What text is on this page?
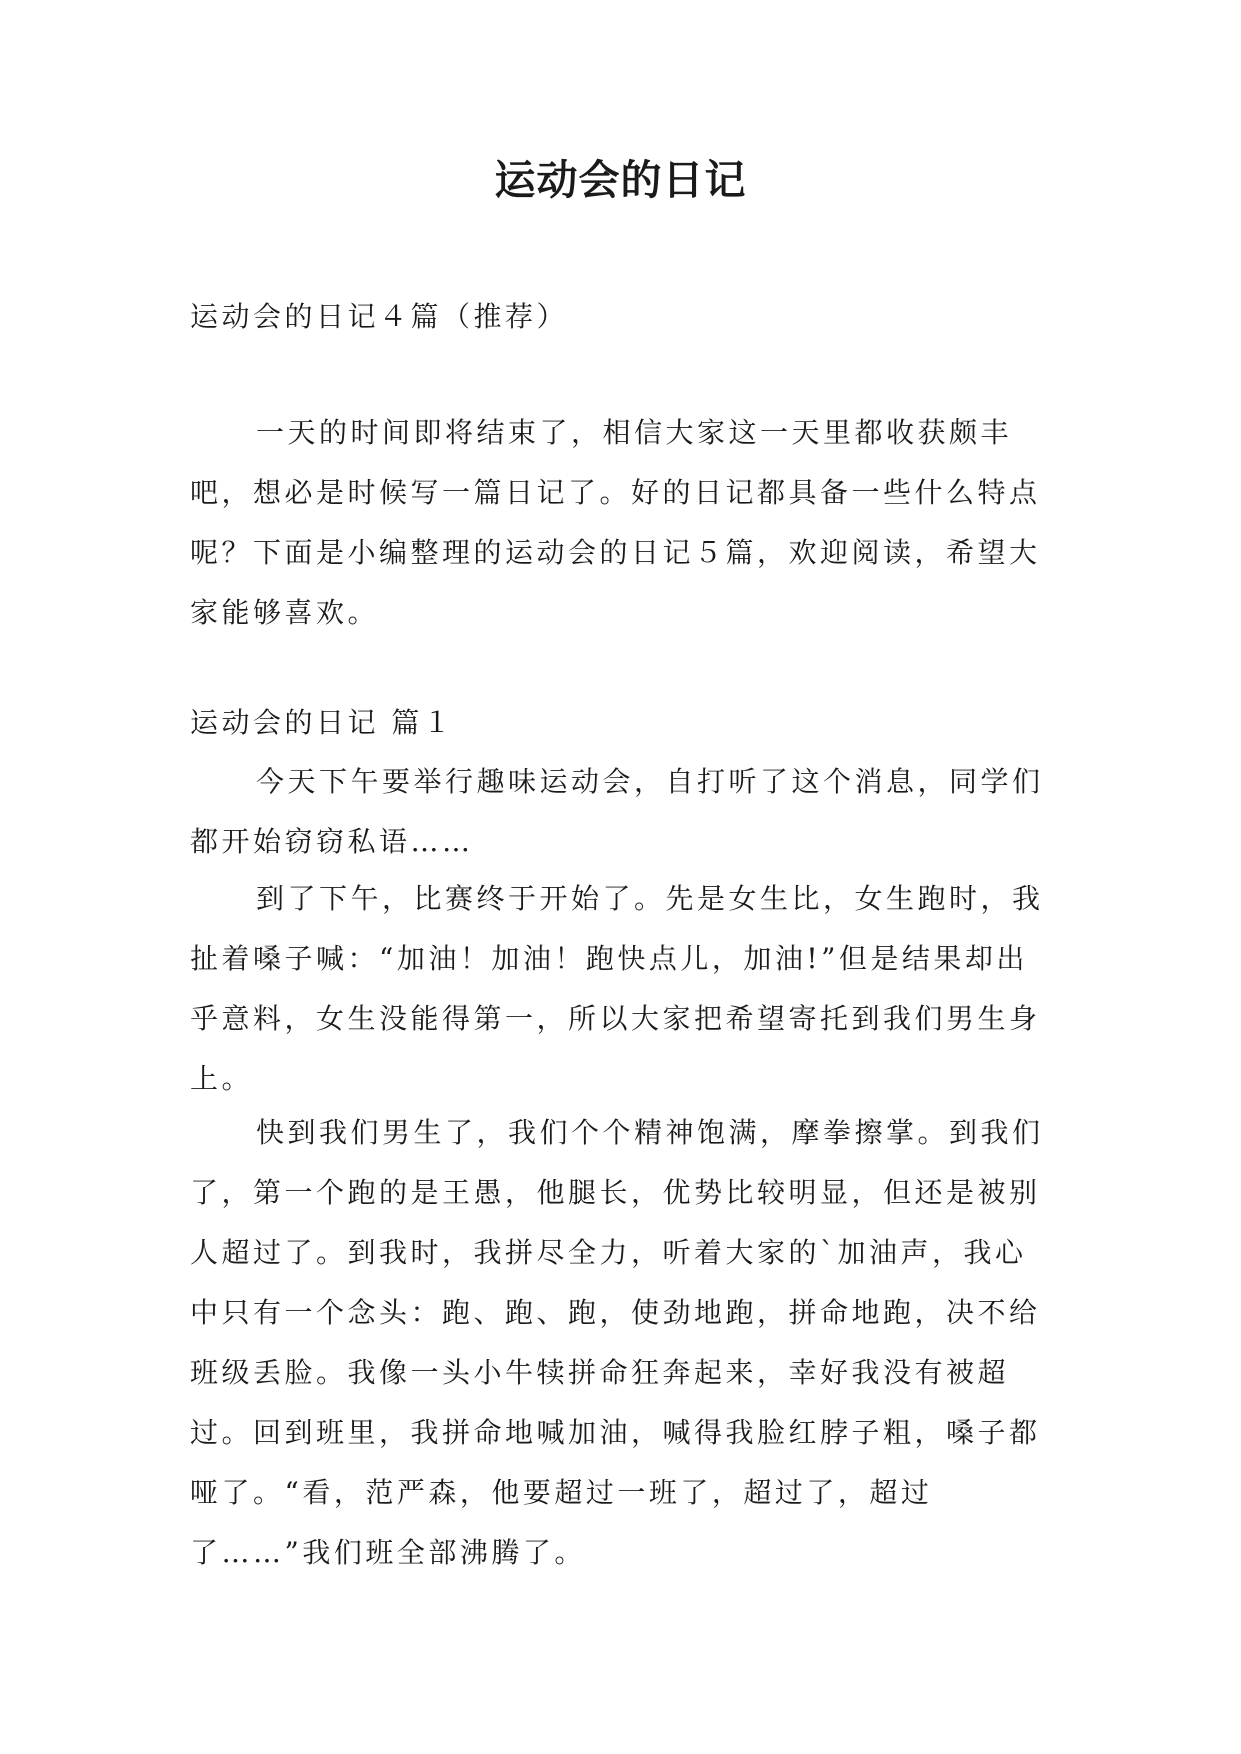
运动会的日记

运动会的日记４篇（推荐）

一天的时间即将结束了，相信大家这一天里都收获颇丰吧，想必是时候写一篇日记了。好的日记都具备一些什么特点呢？下面是小编整理的运动会的日记５篇，欢迎阅读，希望大家能够喜欢。

运动会的日记 篇１

今天下午要举行趣味运动会，自打听了这个消息，同学们都开始窃窃私语……

到了下午，比赛终于开始了。先是女生比，女生跑时，我扯着嗓子喊：“加油！加油！跑快点儿，加油!”但是结果却出乎意料，女生没能得第一，所以大家把希望寄托到我们男生身上。

快到我们男生了，我们个个精神饱满，摩拳擦掌。到我们了，第一个跑的是王愚，他腿长，优势比较明显，但还是被别人超过了。到我时，我拼尽全力，听着大家的`加油声，我心中只有一个念头：跑、跑、跑，使劲地跑，拼命地跑，决不给班级丢脸。我像一头小牛犊拼命狂奔起来，幸好我没有被超过。回到班里，我拼命地喊加油，喊得我脸红脖子粗，嗓子都哑了。“看，范严森，他要超过一班了，超过了，超过了……”我们班全部沸腾了。
